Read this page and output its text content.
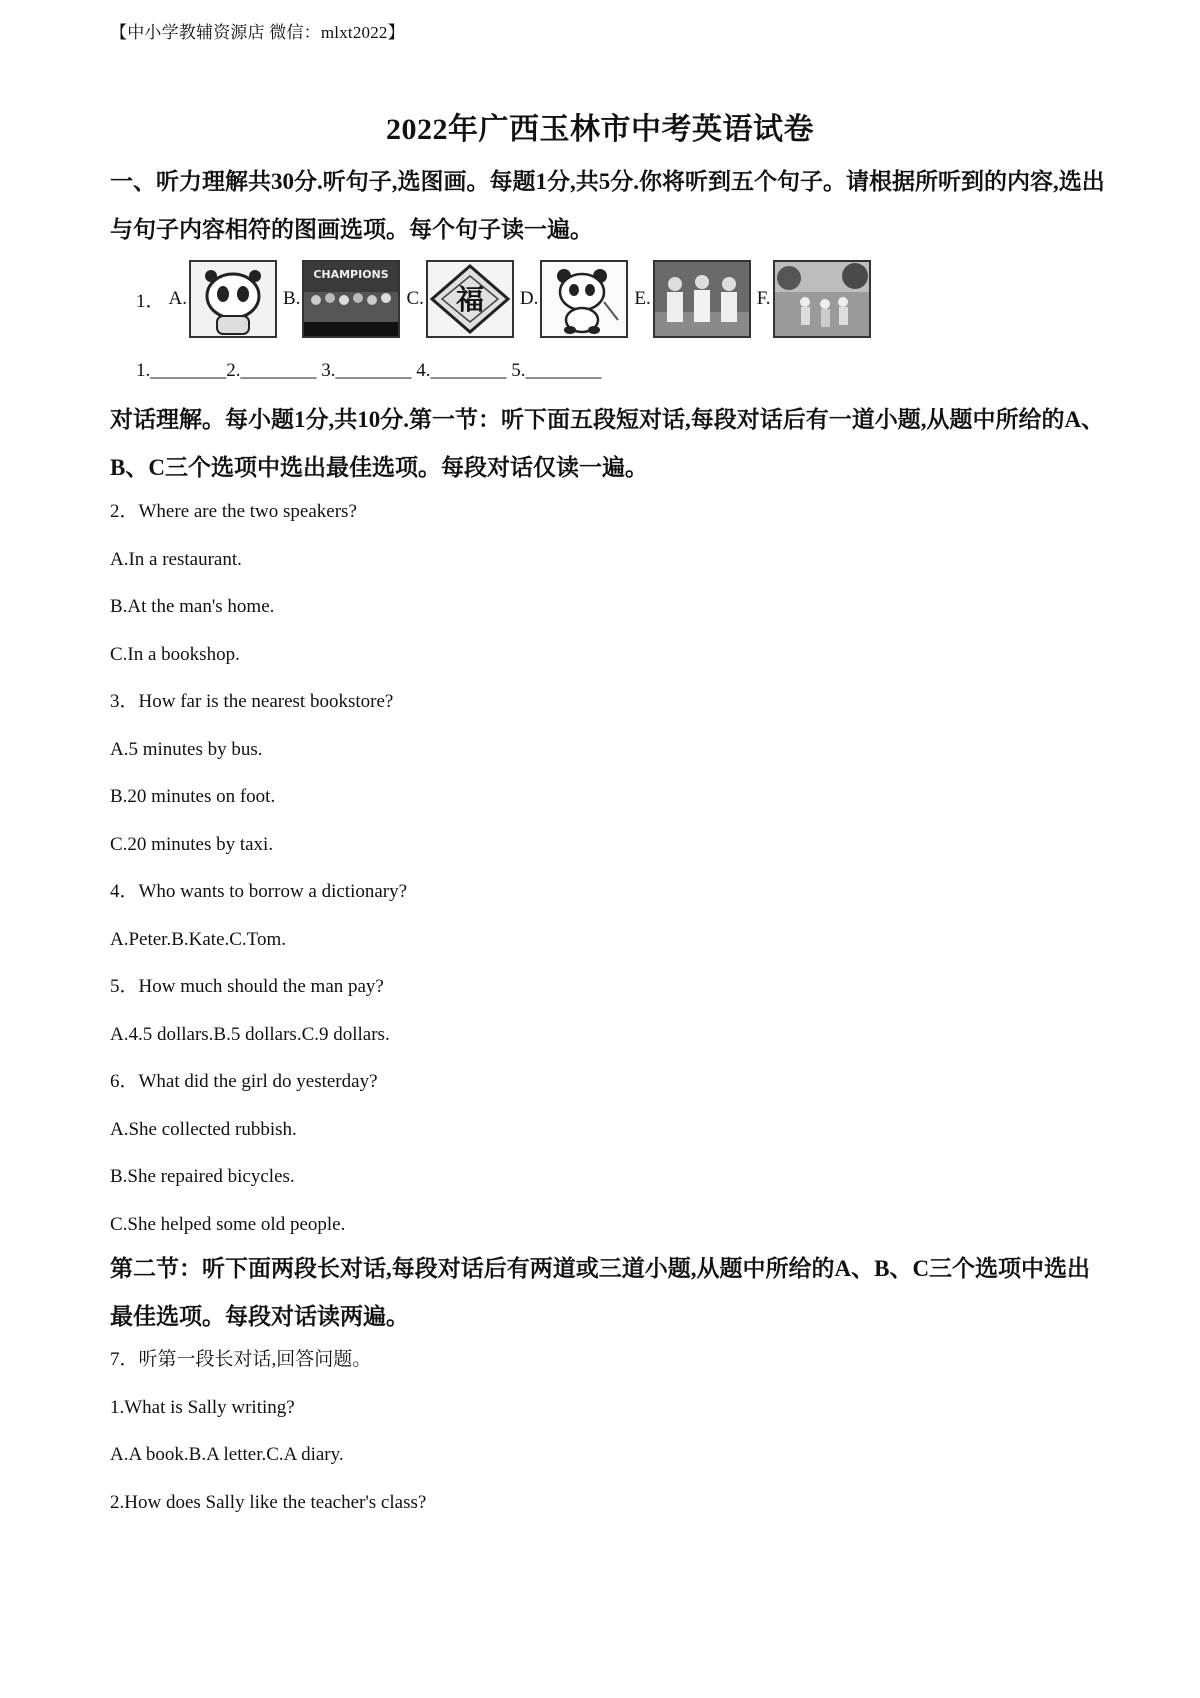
【中小学教辅资源店 微信：mlxt2022】
2022年广西玉林市中考英语试卷
一、听力理解共30分.听句子,选图画。每题1分,共5分.你将听到五个句子。请根据所听到的内容,选出与句子内容相符的图画选项。每个句子读一遍。
1． A.	B.
CHAMPIONS
C. 福 D.	E.	F.
1.________2.________ 3.________ 4.________ 5.________
对话理解。每小题1分,共10分.第一节：听下面五段短对话,每段对话后有一道小题,从题中所给的A、B、C三个选项中选出最佳选项。每段对话仅读一遍。
2．Where are the two speakers?
A.In a restaurant.
B.At the man's home.
C.In a bookshop.
3．How far is the nearest bookstore?
A.5 minutes by bus.
B.20 minutes on foot.
C.20 minutes by taxi.
4．Who wants to borrow a dictionary?
A.Peter.B.Kate.C.Tom.
5．How much should the man pay?
A.4.5 dollars.B.5 dollars.C.9 dollars.
6．What did the girl do yesterday?
A.She collected rubbish.
B.She repaired bicycles.
C.She helped some old people.
第二节：听下面两段长对话,每段对话后有两道或三道小题,从题中所给的A、B、C三个选项中选出最佳选项。每段对话读两遍。
7．听第一段长对话,回答问题。
1.What is Sally writing?
A.A book.B.A letter.C.A diary.
2.How does Sally like the teacher's class?
